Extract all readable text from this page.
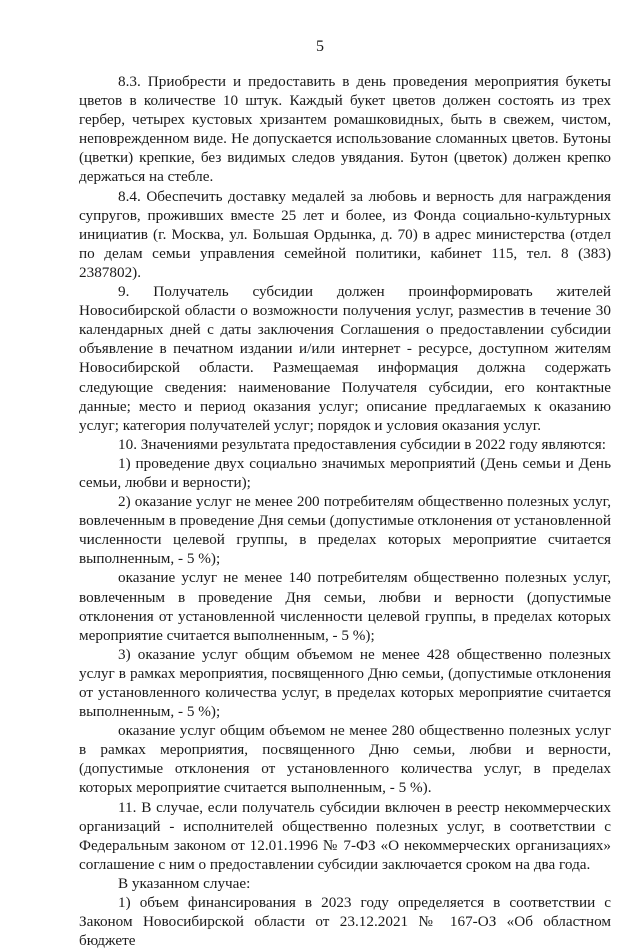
5

8.3. Приобрести и предоставить в день проведения мероприятия букеты цветов в количестве 10 штук. Каждый букет цветов должен состоять из трех гербер, четырех кустовых хризантем ромашковидных, быть в свежем, чистом, неповрежденном виде. Не допускается использование сломанных цветов. Бутоны (цветки) крепкие, без видимых следов увядания. Бутон (цветок) должен крепко держаться на стебле.

8.4. Обеспечить доставку медалей за любовь и верность для награждения супругов, проживших вместе 25 лет и более, из Фонда социально-культурных инициатив (г. Москва, ул. Большая Ордынка, д. 70) в адрес министерства (отдел по делам семьи управления семейной политики, кабинет 115, тел. 8 (383) 2387802).

9. Получатель субсидии должен проинформировать жителей Новосибирской области о возможности получения услуг, разместив в течение 30 календарных дней с даты заключения Соглашения о предоставлении субсидии объявление в печатном издании и/или интернет - ресурсе, доступном жителям Новосибирской области. Размещаемая информация должна содержать следующие сведения: наименование Получателя субсидии, его контактные данные; место и период оказания услуг; описание предлагаемых к оказанию услуг; категория получателей услуг; порядок и условия оказания услуг.

10. Значениями результата предоставления субсидии в 2022 году являются:

1) проведение двух социально значимых мероприятий (День семьи и День семьи, любви и верности);

2) оказание услуг не менее 200 потребителям общественно полезных услуг, вовлеченным в проведение Дня семьи (допустимые отклонения от установленной численности целевой группы, в пределах которых мероприятие считается выполненным, - 5 %);

оказание услуг не менее 140 потребителям общественно полезных услуг, вовлеченным в проведение Дня семьи, любви и верности (допустимые отклонения от установленной численности целевой группы, в пределах которых мероприятие считается выполненным, - 5 %);

3) оказание услуг общим объемом не менее 428 общественно полезных услуг в рамках мероприятия, посвященного Дню семьи, (допустимые отклонения от установленного количества услуг, в пределах которых мероприятие считается выполненным, - 5 %);

оказание услуг общим объемом не менее 280 общественно полезных услуг в рамках мероприятия, посвященного Дню семьи, любви и верности, (допустимые отклонения от установленного количества услуг, в пределах которых мероприятие считается выполненным, - 5 %).

11. В случае, если получатель субсидии включен в реестр некоммерческих организаций - исполнителей общественно полезных услуг, в соответствии с Федеральным законом от 12.01.1996 № 7-ФЗ «О некоммерческих организациях» соглашение с ним о предоставлении субсидии заключается сроком на два года.

В указанном случае:

1) объем финансирования в 2023 году определяется в соответствии с Законом Новосибирской области от 23.12.2021 № 167-ОЗ «Об областном бюджете
